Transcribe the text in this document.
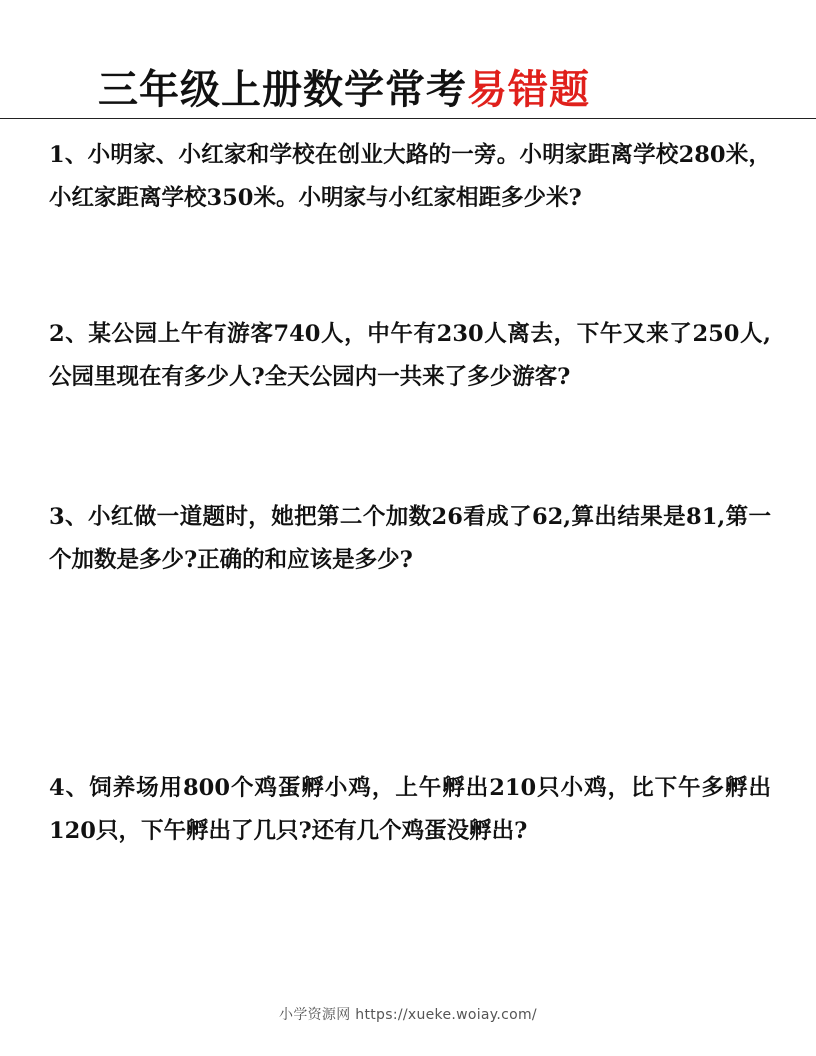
三年级上册数学常考易错题
1、小明家、小红家和学校在创业大路的一旁。小明家距离学校280米，小红家距离学校350米。小明家与小红家相距多少米?
2、某公园上午有游客740人，中午有230人离去，下午又来了250人,公园里现在有多少人?全天公园内一共来了多少游客?
3、小红做一道题时，她把第二个加数26看成了62,算出结果是81,第一个加数是多少?正确的和应该是多少?
4、饲养场用800个鸡蛋孵小鸡，上午孵出210只小鸡，比下午多孵出120只，下午孵出了几只?还有几个鸡蛋没孵出?
小学资源网 https://xueke.woiay.com/
